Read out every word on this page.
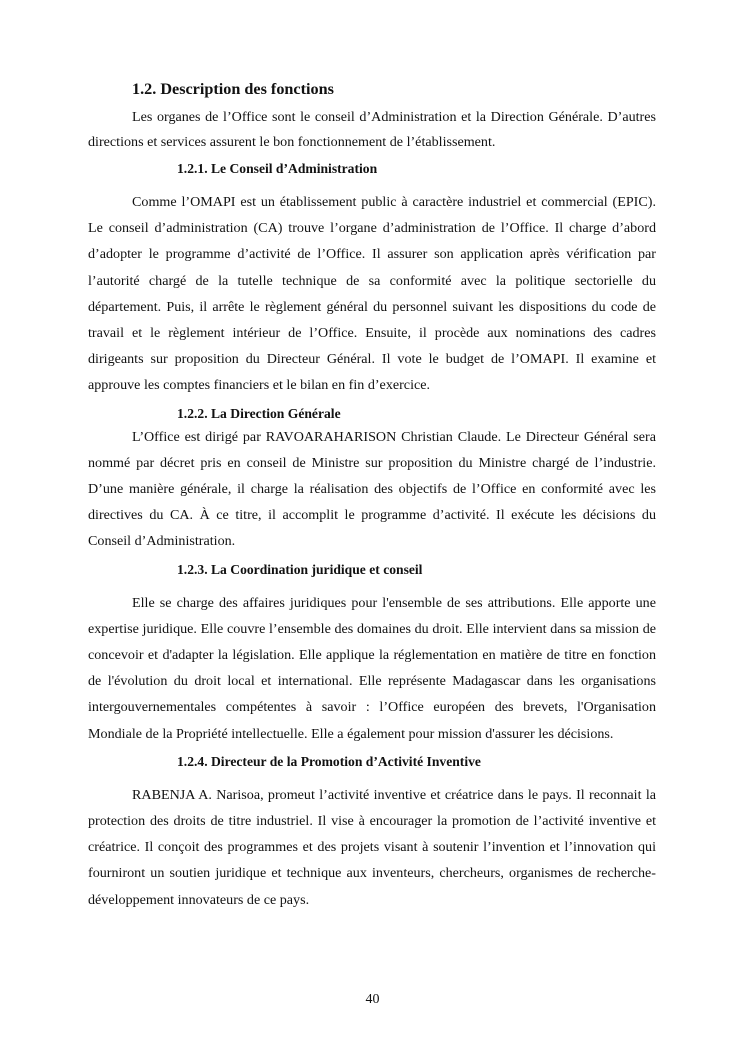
1.2. Description des fonctions

Les organes de l’Office sont le conseil d’Administration et la Direction Générale. D’autres directions et services assurent le bon fonctionnement de l’établissement.

1.2.1. Le Conseil d’Administration

Comme l’OMAPI est un établissement public à caractère industriel et commercial (EPIC). Le conseil d’administration (CA) trouve l’organe d’administration de l’Office. Il charge d’abord d’adopter le programme d’activité de l’Office. Il assurer son application après vérification par l’autorité chargé de la tutelle technique de sa conformité avec la politique sectorielle du département. Puis, il arrête le règlement général du personnel suivant les dispositions du code de travail et le règlement intérieur de l’Office. Ensuite, il procède aux nominations des cadres dirigeants sur proposition du Directeur Général. Il vote le budget de l’OMAPI. Il examine et approuve les comptes financiers et le bilan en fin d’exercice.

1.2.2. La Direction Générale

L’Office est dirigé par RAVOARAHARISON Christian Claude. Le Directeur Général sera nommé par décret pris en conseil de Ministre sur proposition du Ministre chargé de l’industrie. D’une manière générale, il charge la réalisation des objectifs de l’Office en conformité avec les directives du CA. À ce titre, il accomplit le programme d’activité. Il exécute les décisions du Conseil d’Administration.

1.2.3. La Coordination juridique et conseil

Elle se charge des affaires juridiques pour l'ensemble de ses attributions. Elle apporte une expertise juridique. Elle couvre l’ensemble des domaines du droit. Elle intervient dans sa mission de concevoir et d'adapter la législation. Elle applique la réglementation en matière de titre en fonction de l'évolution du droit local et international. Elle représente Madagascar dans les organisations intergouvernementales compétentes à savoir : l’Office européen des brevets, l'Organisation Mondiale de la Propriété intellectuelle. Elle a également pour mission d'assurer les décisions.

1.2.4. Directeur de la Promotion d’Activité Inventive

RABENJA A. Narisoa, promeut l’activité inventive et créatrice dans le pays. Il reconnait la protection des droits de titre industriel. Il vise à encourager la promotion de l’activité inventive et créatrice. Il conçoit des programmes et des projets visant à soutenir l’invention et l’innovation qui fourniront un soutien juridique et technique aux inventeurs, chercheurs, organismes de recherche-développement innovateurs de ce pays.

40
